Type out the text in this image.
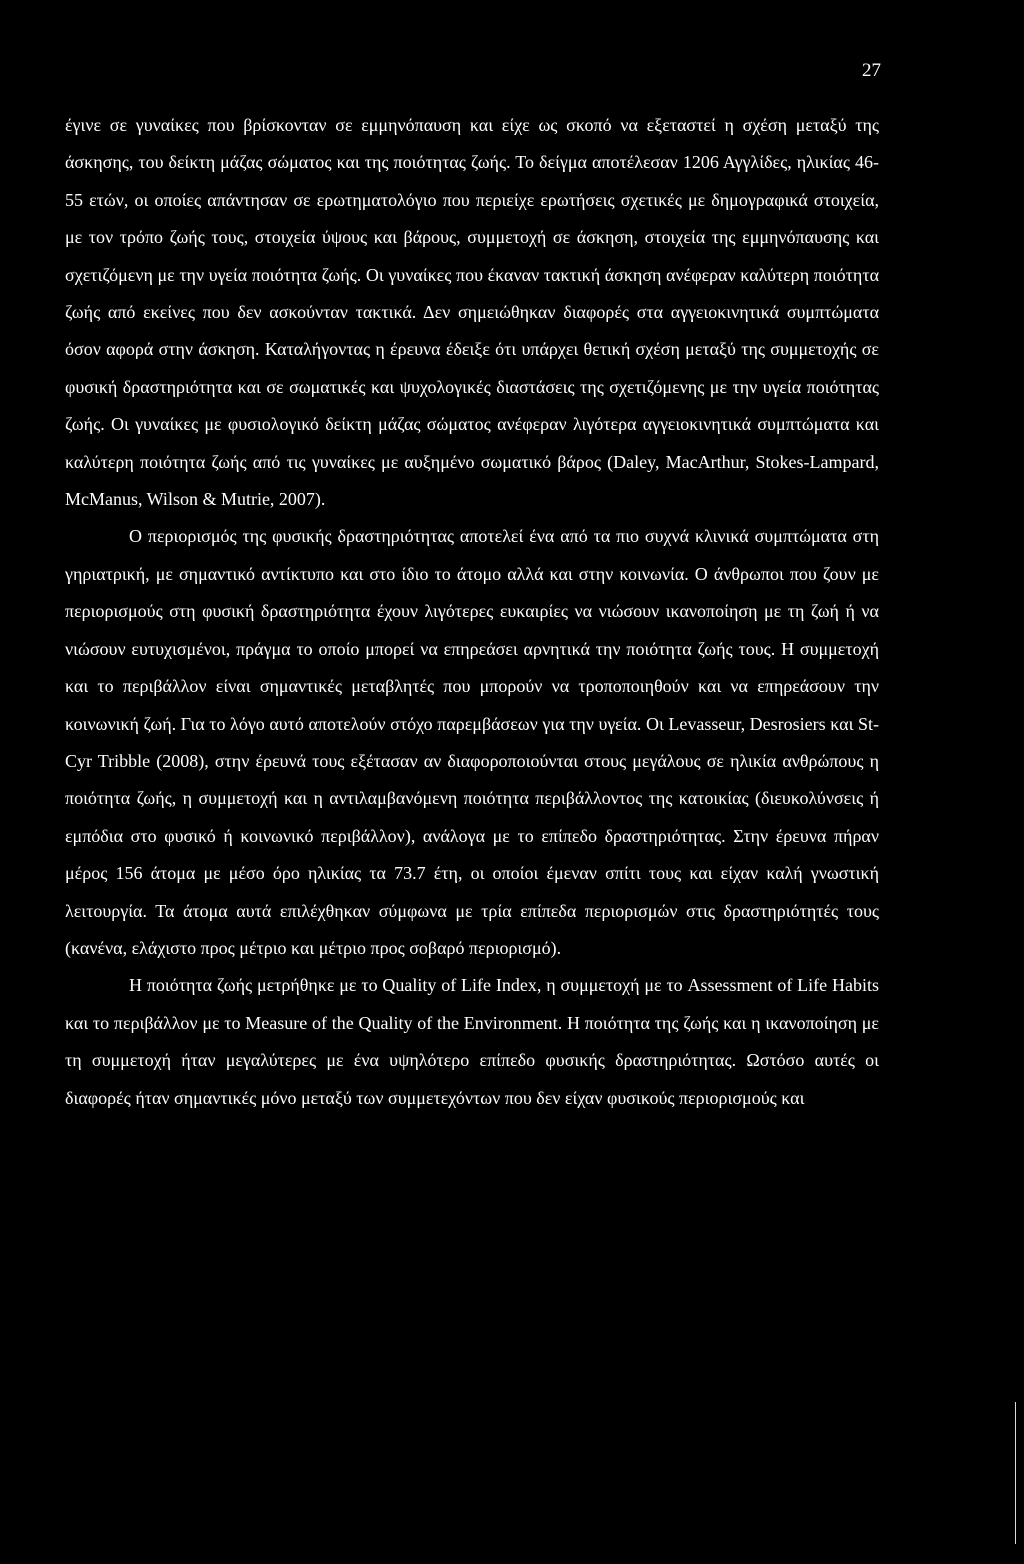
27

έγινε σε γυναίκες που βρίσκονταν σε εμμηνόπαυση και είχε ως σκοπό να εξεταστεί η σχέση μεταξύ της άσκησης, του δείκτη μάζας σώματος και της ποιότητας ζωής. Το δείγμα αποτέλεσαν 1206 Αγγλίδες, ηλικίας 46-55 ετών, οι οποίες απάντησαν σε ερωτηματολόγιο που περιείχε ερωτήσεις σχετικές με δημογραφικά στοιχεία, με τον τρόπο ζωής τους, στοιχεία ύψους και βάρους, συμμετοχή σε άσκηση, στοιχεία της εμμηνόπαυσης και σχετιζόμενη με την υγεία ποιότητα ζωής. Οι γυναίκες που έκαναν τακτική άσκηση ανέφεραν καλύτερη ποιότητα ζωής από εκείνες που δεν ασκούνταν τακτικά. Δεν σημειώθηκαν διαφορές στα αγγειοκινητικά συμπτώματα όσον αφορά στην άσκηση. Καταλήγοντας η έρευνα έδειξε ότι υπάρχει θετική σχέση μεταξύ της συμμετοχής σε φυσική δραστηριότητα και σε σωματικές και ψυχολογικές διαστάσεις της σχετιζόμενης με την υγεία ποιότητας ζωής. Οι γυναίκες με φυσιολογικό δείκτη μάζας σώματος ανέφεραν λιγότερα αγγειοκινητικά συμπτώματα και καλύτερη ποιότητα ζωής από τις γυναίκες με αυξημένο σωματικό βάρος (Daley, MacArthur, Stokes-Lampard, McManus, Wilson & Mutrie, 2007).

Ο περιορισμός της φυσικής δραστηριότητας αποτελεί ένα από τα πιο συχνά κλινικά συμπτώματα στη γηριατρική, με σημαντικό αντίκτυπο και στο ίδιο το άτομο αλλά και στην κοινωνία. Ο άνθρωποι που ζουν με περιορισμούς στη φυσική δραστηριότητα έχουν λιγότερες ευκαιρίες να νιώσουν ικανοποίηση με τη ζωή ή να νιώσουν ευτυχισμένοι, πράγμα το οποίο μπορεί να επηρεάσει αρνητικά την ποιότητα ζωής τους. Η συμμετοχή και το περιβάλλον είναι σημαντικές μεταβλητές που μπορούν να τροποποιηθούν και να επηρεάσουν την κοινωνική ζωή. Για το λόγο αυτό αποτελούν στόχο παρεμβάσεων για την υγεία. Οι Levasseur, Desrosiers και St-Cyr Tribble (2008), στην έρευνά τους εξέτασαν αν διαφοροποιούνται στους μεγάλους σε ηλικία ανθρώπους η ποιότητα ζωής, η συμμετοχή και η αντιλαμβανόμενη ποιότητα περιβάλλοντος της κατοικίας (διευκολύνσεις ή εμπόδια στο φυσικό ή κοινωνικό περιβάλλον), ανάλογα με το επίπεδο δραστηριότητας. Στην έρευνα πήραν μέρος 156 άτομα με μέσο όρο ηλικίας τα 73.7 έτη, οι οποίοι έμεναν σπίτι τους και είχαν καλή γνωστική λειτουργία. Τα άτομα αυτά επιλέχθηκαν σύμφωνα με τρία επίπεδα περιορισμών στις δραστηριότητές τους (κανένα, ελάχιστο προς μέτριο και μέτριο προς σοβαρό περιορισμό).

Η ποιότητα ζωής μετρήθηκε με το Quality of Life Index, η συμμετοχή με το Assessment of Life Habits και το περιβάλλον με το Measure of the Quality of the Environment. Η ποιότητα της ζωής και η ικανοποίηση με τη συμμετοχή ήταν μεγαλύτερες με ένα υψηλότερο επίπεδο φυσικής δραστηριότητας. Ωστόσο αυτές οι διαφορές ήταν σημαντικές μόνο μεταξύ των συμμετεχόντων που δεν είχαν φυσικούς περιορισμούς και
